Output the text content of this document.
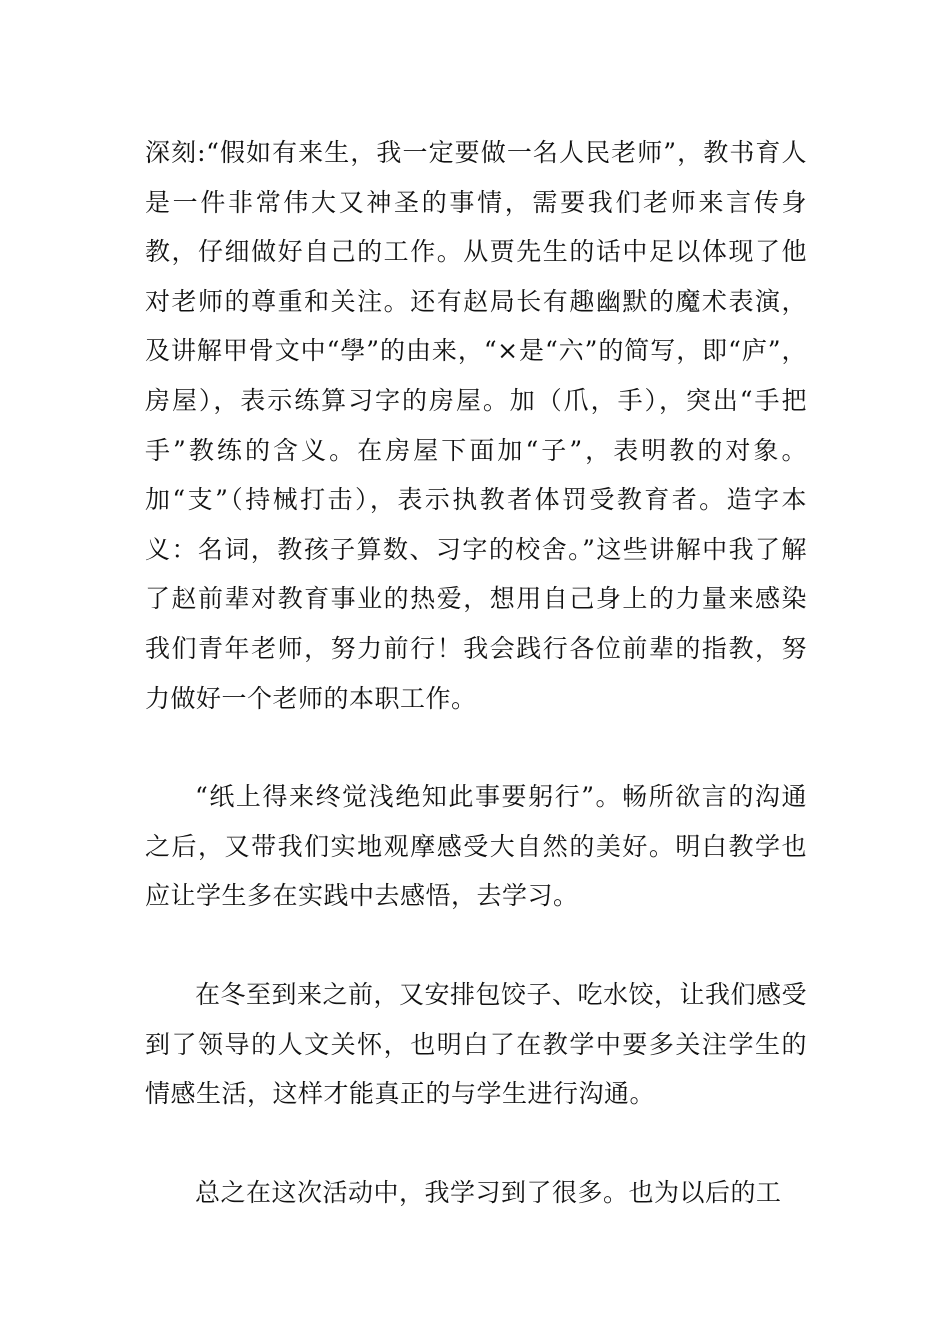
深刻:“假如有来生，我一定要做一名人民老师”，教书育人是一件非常伟大又神圣的事情，需要我们老师来言传身教，仔细做好自己的工作。从贾先生的话中足以体现了他对老师的尊重和关注。还有赵局长有趣幽默的魔术表演，及讲解甲骨文中“學”的由来，“×是“六”的简写，即“庐”，房屋），表示练算习字的房屋。加（爪，手），突出“手把手”教练的含义。在房屋下面加“子”，表明教的对象。加“支”（持械打击），表示执教者体罚受教育者。造字本义：名词，教孩子算数、习字的校舍。”这些讲解中我了解了赵前辈对教育事业的热爱，想用自己身上的力量来感染我们青年老师，努力前行！我会践行各位前辈的指教，努力做好一个老师的本职工作。

“纸上得来终觉浅绝知此事要躬行”。畅所欲言的沟通之后，又带我们实地观摩感受大自然的美好。明白教学也应让学生多在实践中去感悟，去学习。

在冬至到来之前，又安排包饺子、吃水饺，让我们感受到了领导的人文关怀，也明白了在教学中要多关注学生的情感生活，这样才能真正的与学生进行沟通。

总之在这次活动中，我学习到了很多。也为以后的工
